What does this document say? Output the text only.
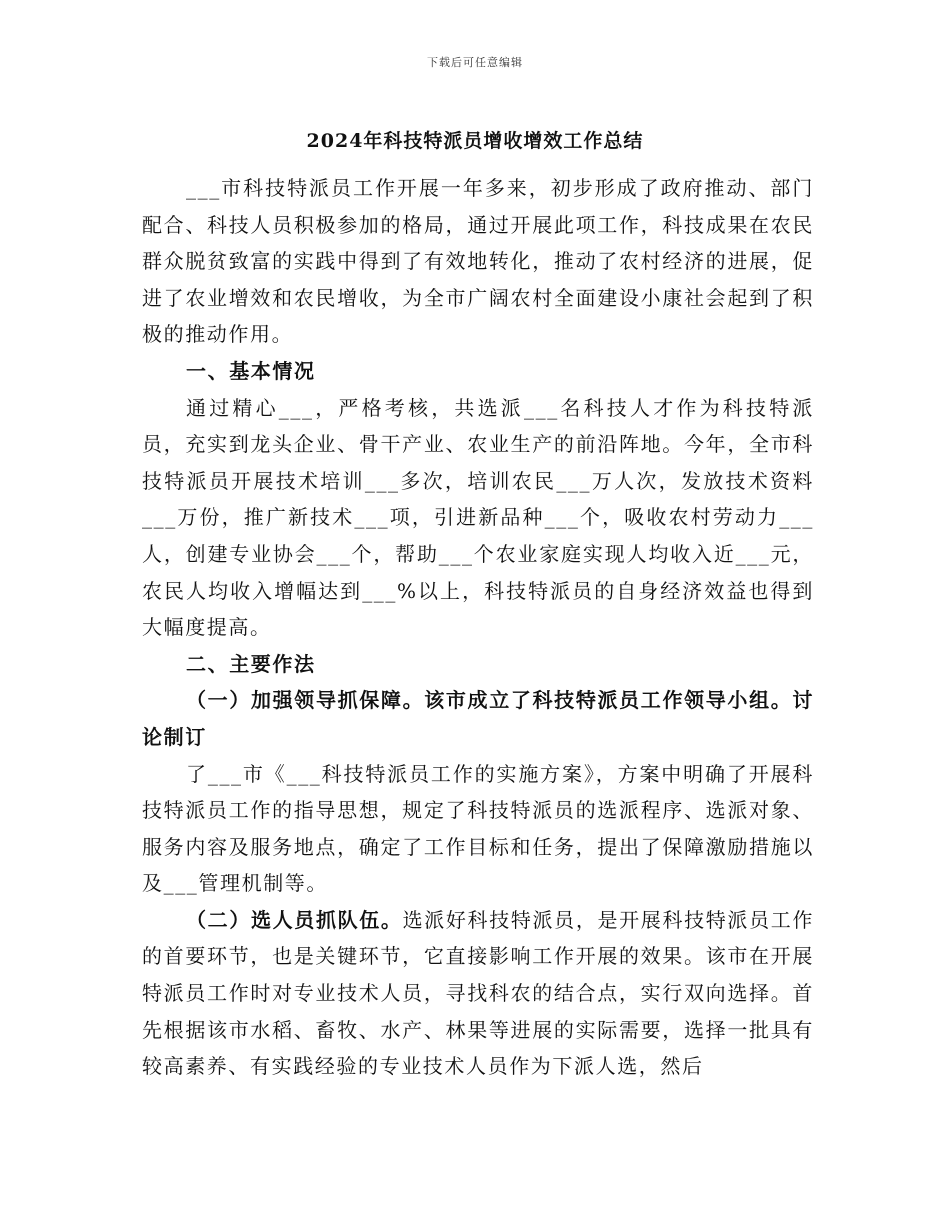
下载后可任意编辑
2024年科技特派员增收增效工作总结

___市科技特派员工作开展一年多来，初步形成了政府推动、部门配合、科技人员积极参加的格局，通过开展此项工作，科技成果在农民群众脱贫致富的实践中得到了有效地转化，推动了农村经济的进展，促进了农业增效和农民增收，为全市广阔农村全面建设小康社会起到了积极的推动作用。

一、基本情况

通过精心___，严格考核，共选派___名科技人才作为科技特派员，充实到龙头企业、骨干产业、农业生产的前沿阵地。今年，全市科技特派员开展技术培训___多次，培训农民___万人次，发放技术资料___万份，推广新技术___项，引进新品种___个，吸收农村劳动力___人，创建专业协会___个，帮助___个农业家庭实现人均收入近___元，农民人均收入增幅达到___%以上，科技特派员的自身经济效益也得到大幅度提高。

二、主要作法

（一）加强领导抓保障。该市成立了科技特派员工作领导小组。讨论制订

了___市《___科技特派员工作的实施方案》，方案中明确了开展科技特派员工作的指导思想，规定了科技特派员的选派程序、选派对象、服务内容及服务地点，确定了工作目标和任务，提出了保障激励措施以及___管理机制等。

（二）选人员抓队伍。选派好科技特派员，是开展科技特派员工作的首要环节，也是关键环节，它直接影响工作开展的效果。该市在开展特派员工作时对专业技术人员，寻找科农的结合点，实行双向选择。首先根据该市水稻、畜牧、水产、林果等进展的实际需要，选择一批具有较高素养、有实践经验的专业技术人员作为下派人选，然后
